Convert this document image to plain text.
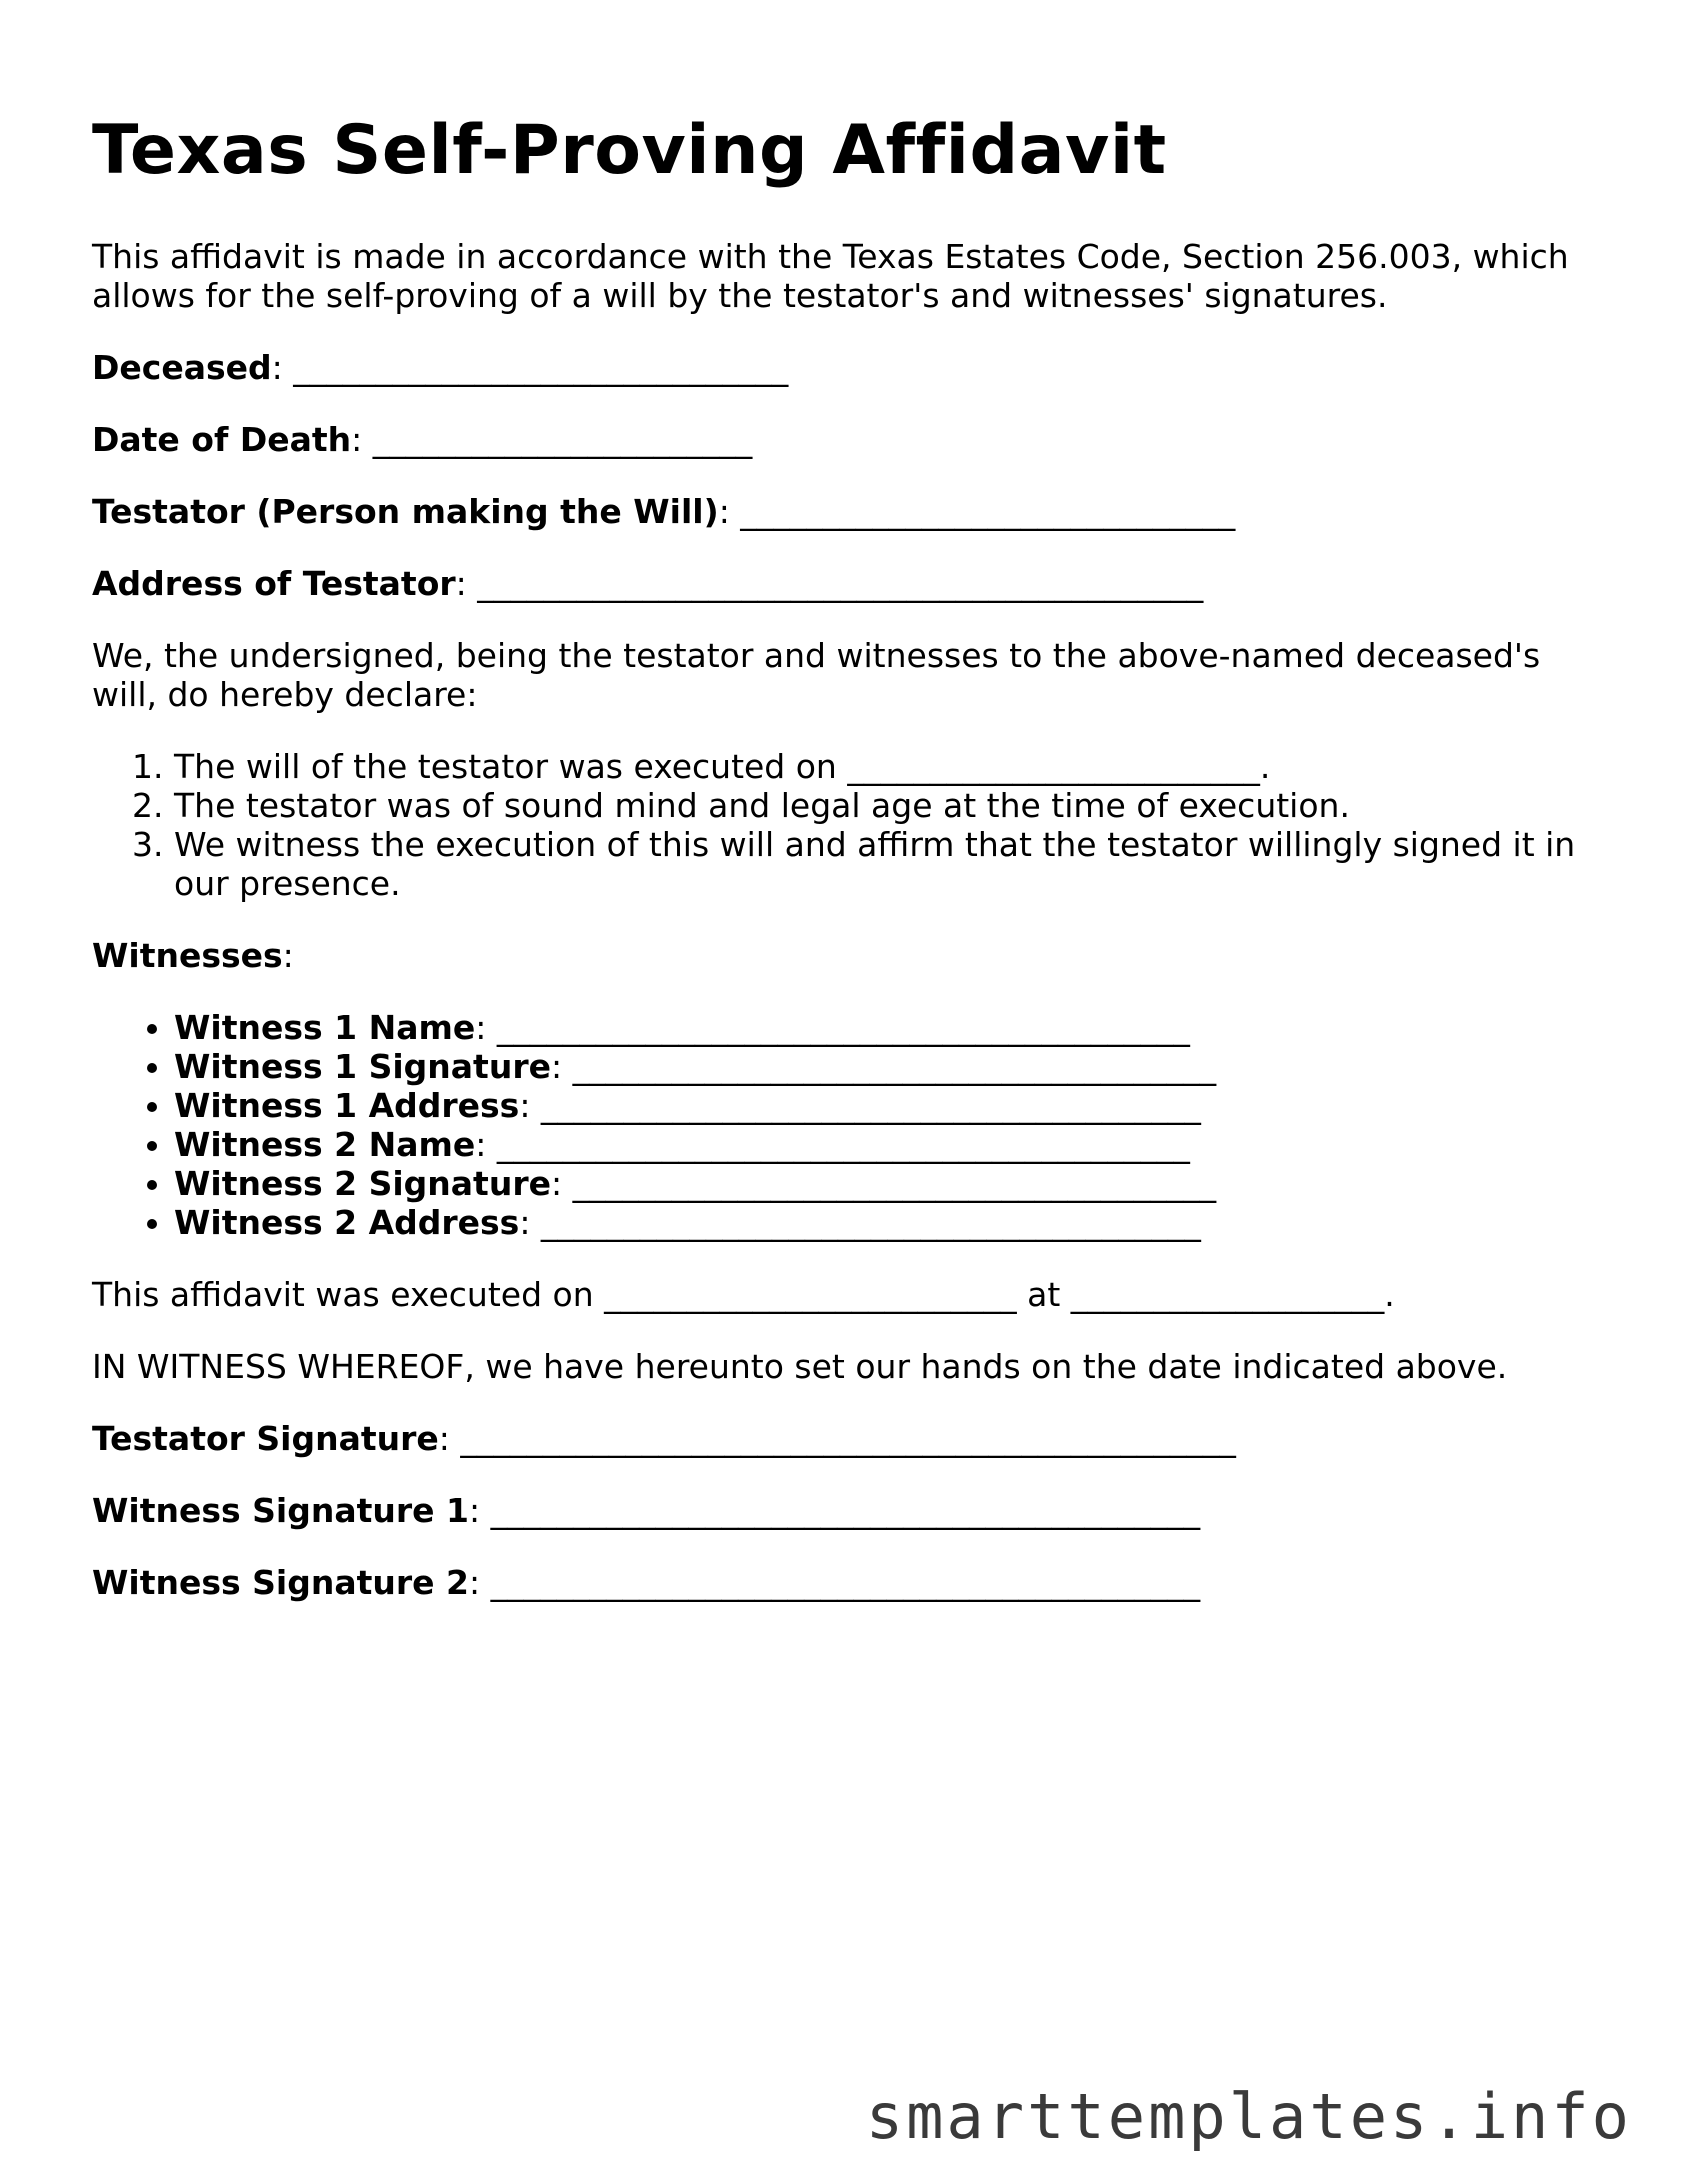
Texas Self-Proving Affidavit

This affidavit is made in accordance with the Texas Estates Code, Section 256.003, which allows for the self-proving of a will by the testator's and witnesses' signatures.

Deceased: ______________________________

Date of Death: _______________________

Testator (Person making the Will): ______________________________

Address of Testator: ____________________________________________

We, the undersigned, being the testator and witnesses to the above-named deceased's will, do hereby declare:

1. The will of the testator was executed on _________________________.
2. The testator was of sound mind and legal age at the time of execution.
3. We witness the execution of this will and affirm that the testator willingly signed it in our presence.

Witnesses:

• Witness 1 Name: __________________________________________
• Witness 1 Signature: _______________________________________
• Witness 1 Address: ________________________________________
• Witness 2 Name: __________________________________________
• Witness 2 Signature: _______________________________________
• Witness 2 Address: ________________________________________

This affidavit was executed on _________________________ at ___________________.

IN WITNESS WHEREOF, we have hereunto set our hands on the date indicated above.

Testator Signature: _______________________________________________

Witness Signature 1: ___________________________________________

Witness Signature 2: ___________________________________________

smarttemplates.info
